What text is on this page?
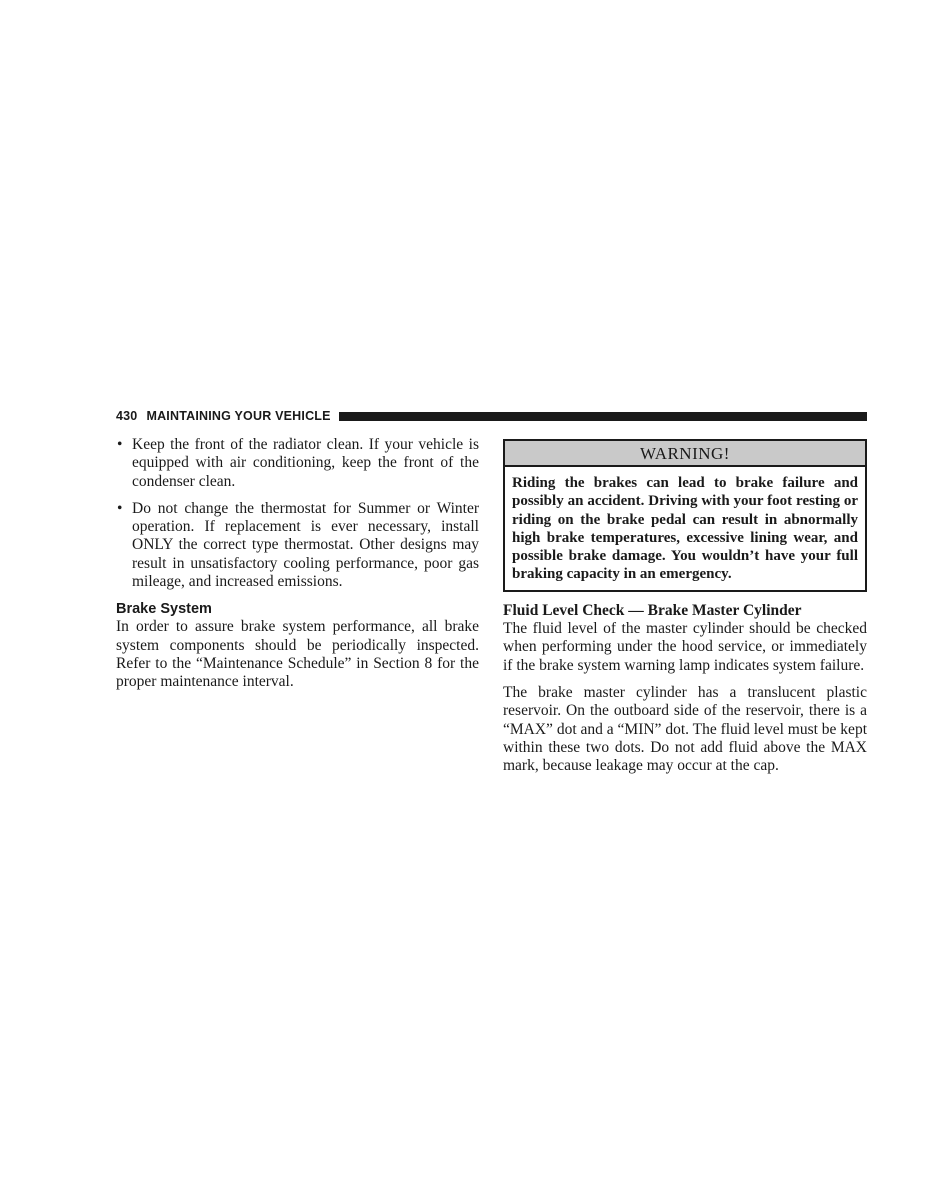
430 MAINTAINING YOUR VEHICLE
• Keep the front of the radiator clean. If your vehicle is equipped with air conditioning, keep the front of the condenser clean.

• Do not change the thermostat for Summer or Winter operation. If replacement is ever necessary, install ONLY the correct type thermostat. Other designs may result in unsatisfactory cooling performance, poor gas mileage, and increased emissions.

Brake System

In order to assure brake system performance, all brake system components should be periodically inspected. Refer to the “Maintenance Schedule” in Section 8 for the proper maintenance interval.

WARNING!

Riding the brakes can lead to brake failure and possibly an accident. Driving with your foot resting or riding on the brake pedal can result in abnormally high brake temperatures, excessive lining wear, and possible brake damage. You wouldn’t have your full braking capacity in an emergency.

Fluid Level Check — Brake Master Cylinder

The fluid level of the master cylinder should be checked when performing under the hood service, or immediately if the brake system warning lamp indicates system failure.

The brake master cylinder has a translucent plastic reservoir. On the outboard side of the reservoir, there is a “MAX” dot and a “MIN” dot. The fluid level must be kept within these two dots. Do not add fluid above the MAX mark, because leakage may occur at the cap.
